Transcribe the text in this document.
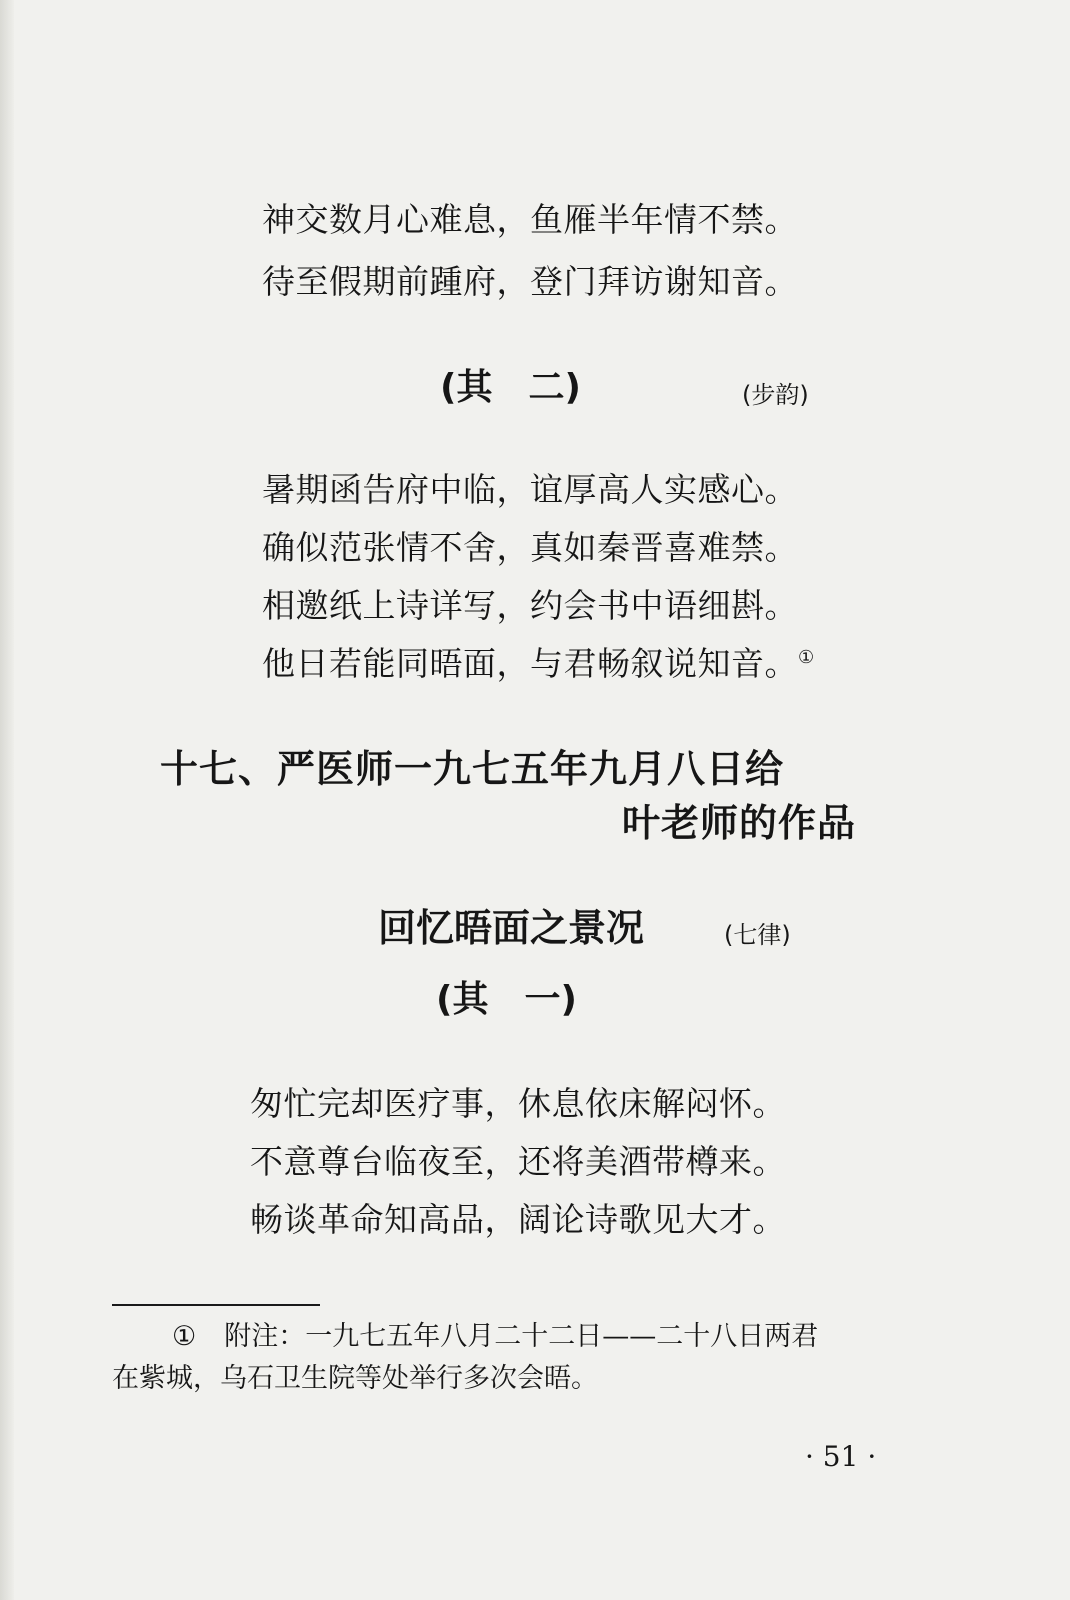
神交数月心难息，鱼雁半年情不禁。
待至假期前踵府，登门拜访谢知音。
(其　二)	(步韵)
暑期函告府中临，谊厚高人实感心。
确似范张情不舍，真如秦晋喜难禁。
相邀纸上诗详写，约会书中语细斟。
他日若能同晤面，与君畅叙说知音。①
十七、严医师一九七五年九月八日给
叶老师的作品
回忆晤面之景况	(七律)
(其　一)
匆忙完却医疗事，休息依床解闷怀。
不意尊台临夜至，还将美酒带樽来。
畅谈革命知高品，阔论诗歌见大才。
① 附注：一九七五年八月二十二日——二十八日两君
在紫城，乌石卫生院等处举行多次会晤。
· 51 ·
